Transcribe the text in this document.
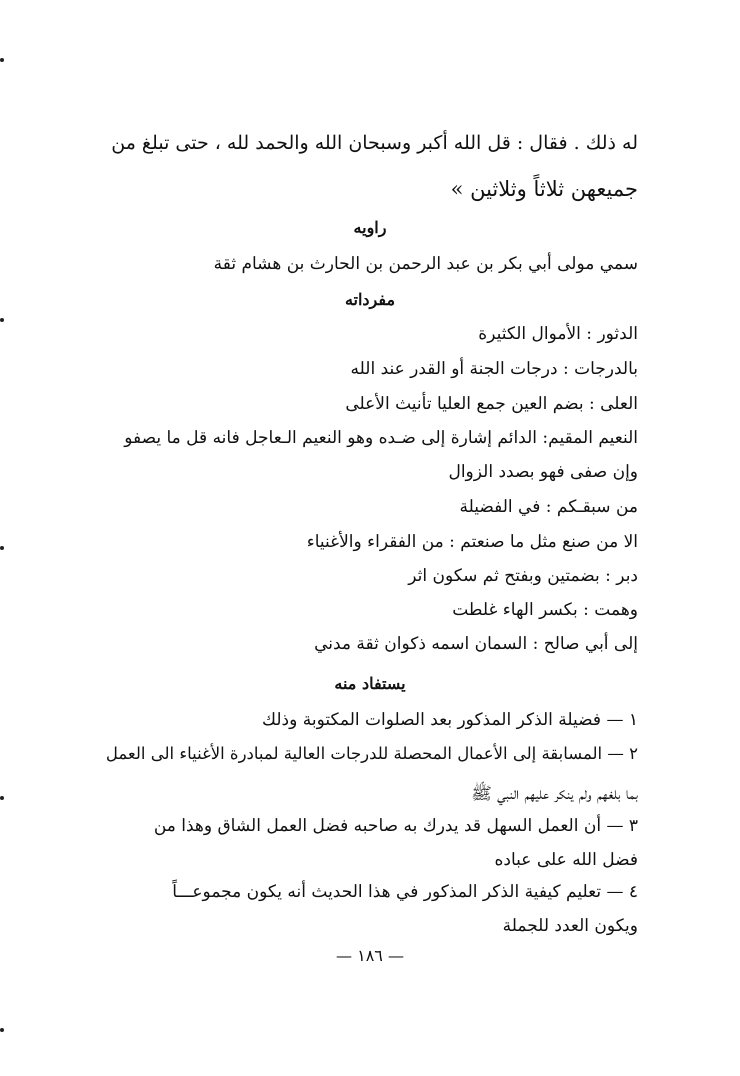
له ذلك . فقال : قل الله أكبر وسبحان الله والحمد لله ، حتى تبلغ من
جميعهن ثلاثاً وثلاثين »
راويه
سمي مولى أبي بكر بن عبد الرحمن بن الحارث بن هشام ثقة
مفرداته
الدثور : الأموال الكثيرة
بالدرجات : درجات الجنة أو القدر عند الله
العلى : بضم العين جمع العليا تأنيث الأعلى
النعيم المقيم: الدائم إشارة إلى ضـده وهو النعيم الـعاجل فانه قل ما يصفو
وإن صفى فهو بصدد الزوال
من سبقـكم : في الفضيلة
الا من صنع مثل ما صنعتم : من الفقراء والأغنياء
دبر : بضمتين وبفتح ثم سكون اثر
وهمت : بكسر الهاء غلطت
إلى أبي صالح : السمان اسمه ذكوان ثقة مدني
يستفاد منه
١ — فضيلة الذكر المذكور بعد الصلوات المكتوبة وذلك
٢ — المسابقة إلى الأعمال المحصلة للدرجات العالية لمبادرة الأغنياء الى العمل
بما بلغهم ولم ينكر عليهم النبي ﷺ
٣ — أن العمل السهل قد يدرك به صاحبه فضل العمل الشاق وهذا من
فضل الله على عباده
٤ — تعليم كيفية الذكر المذكور في هذا الحديث أنه يكون مجموعـــاً
ويكون العدد للجملة
— ١٨٦ —
